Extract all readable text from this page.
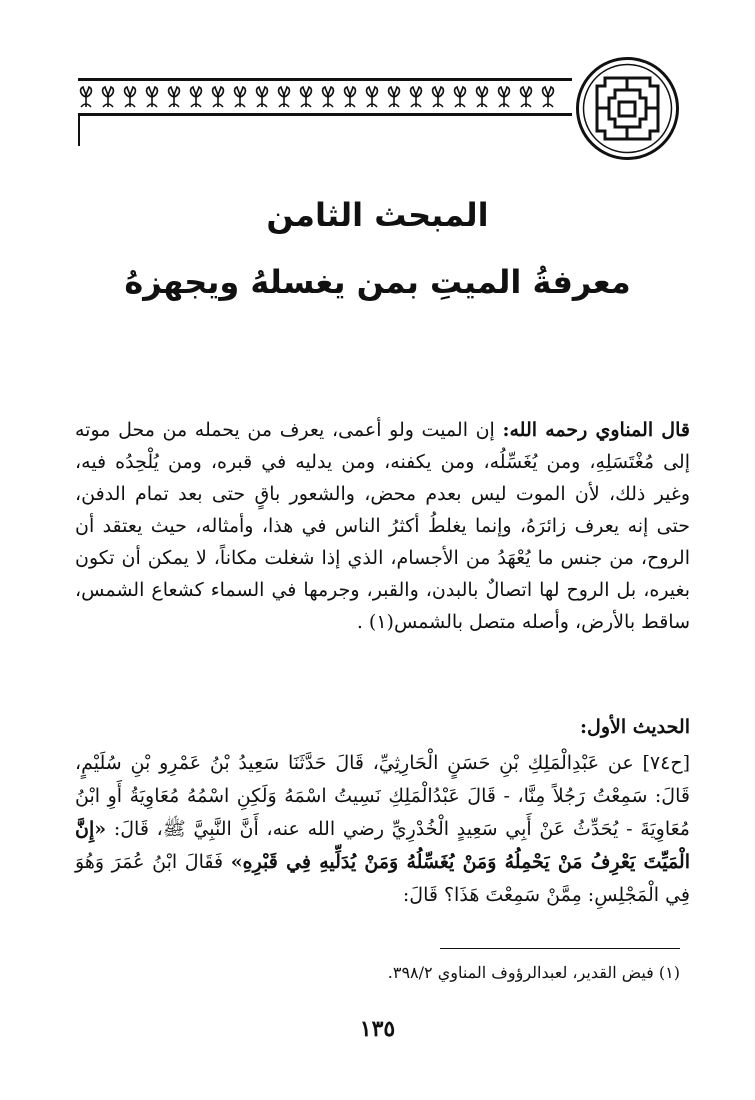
المبحث الثامن
معرفةُ الميتِ بمن يغسلهُ ويجهزهُ
قال المناوي رحمه الله: إن الميت ولو أعمى، يعرف من يحمله من محل موته إلى مُغْتَسَلِهِ، ومن يُغَسِّلُه، ومن يكفنه، ومن يدليه في قبره، ومن يُلْحِدُه فيه، وغير ذلك، لأن الموت ليس بعدم محض، والشعور باقٍ حتى بعد تمام الدفن، حتى إنه يعرف زائرَهُ، وإنما يغلطُ أكثرُ الناس في هذا، وأمثاله، حيث يعتقد أن الروح، من جنس ما يُعْهَدُ من الأجسام، الذي إذا شغلت مكاناً، لا يمكن أن تكون بغيره، بل الروح لها اتصالٌ بالبدن، والقبر، وجرمها في السماء كشعاع الشمس، ساقط بالأرض، وأصله متصل بالشمس(١) .
الحديث الأول:
[ح٧٤] عن عَبْدِالْمَلِكِ بْنِ حَسَنٍ الْحَارِثِيِّ، قَالَ حَدَّثَنَا سَعِيدُ بْنُ عَمْرِو بْنِ سُلَيْمٍ، قَالَ: سَمِعْتُ رَجُلاً مِنَّا، - قَالَ عَبْدُالْمَلِكِ نَسِيتُ اسْمَهُ وَلَكِنِ اسْمُهُ مُعَاوِيَةُ أَوِ ابْنُ مُعَاوِيَةَ - يُحَدِّثُ عَنْ أَبِي سَعِيدٍ الْخُدْرِيِّ رضي الله عنه، أَنَّ النَّبِيَّ ﷺ، قَالَ: «إِنَّ الْمَيِّتَ يَعْرِفُ مَنْ يَحْمِلُهُ وَمَنْ يُغَسِّلُهُ وَمَنْ يُدَلِّيهِ فِي قَبْرِهِ» فَقَالَ ابْنُ عُمَرَ وَهُوَ فِي الْمَجْلِسِ: مِمَّنْ سَمِعْتَ هَذَا؟ قَالَ:
(١) فيض القدير، لعبدالرؤوف المناوي ٣٩٨/٢.
١٣٥
